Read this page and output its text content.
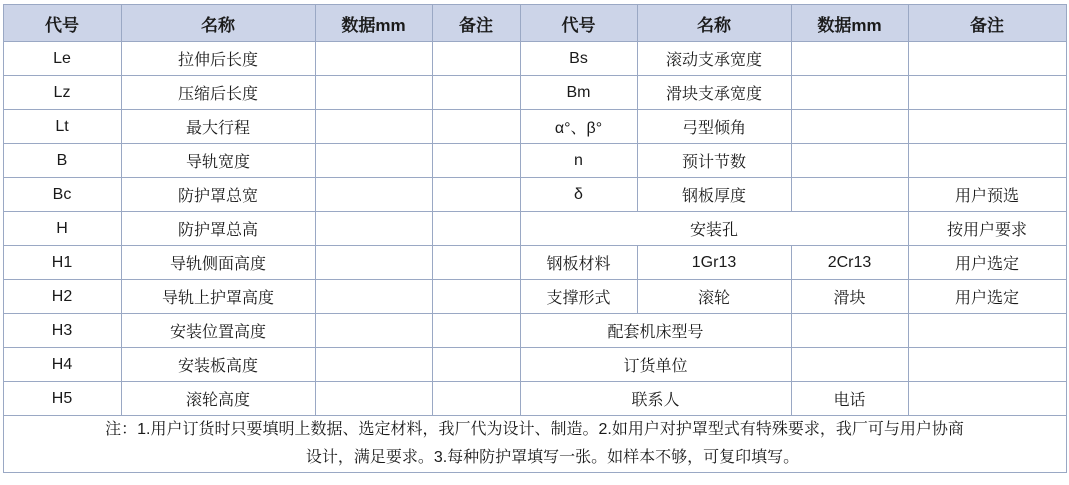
代号	名称	数据mm	备注	代号	名称	数据mm	备注
Le	拉伸后长度			Bs	滚动支承宽度		
Lz	压缩后长度			Bm	滑块支承宽度		
Lt	最大行程			α°、β°	弓型倾角		
B	导轨宽度			n	预计节数		
Bc	防护罩总宽			δ	钢板厚度		用户预选
H	防护罩总高			安装孔			按用户要求
H1	导轨侧面高度			钢板材料	1Gr13	2Cr13	用户选定
H2	导轨上护罩高度			支撑形式	滚轮	滑块	用户选定
H3	安装位置高度			配套机床型号			
H4	安装板高度			订货单位			
H5	滚轮高度			联系人		电话	

注：1.用户订货时只要填明上数据、选定材料，我厂代为设计、制造。2.如用户对护罩型式有特殊要求，我厂可与用户协商
设计，满足要求。3.每种防护罩填写一张。如样本不够，可复印填写。							
